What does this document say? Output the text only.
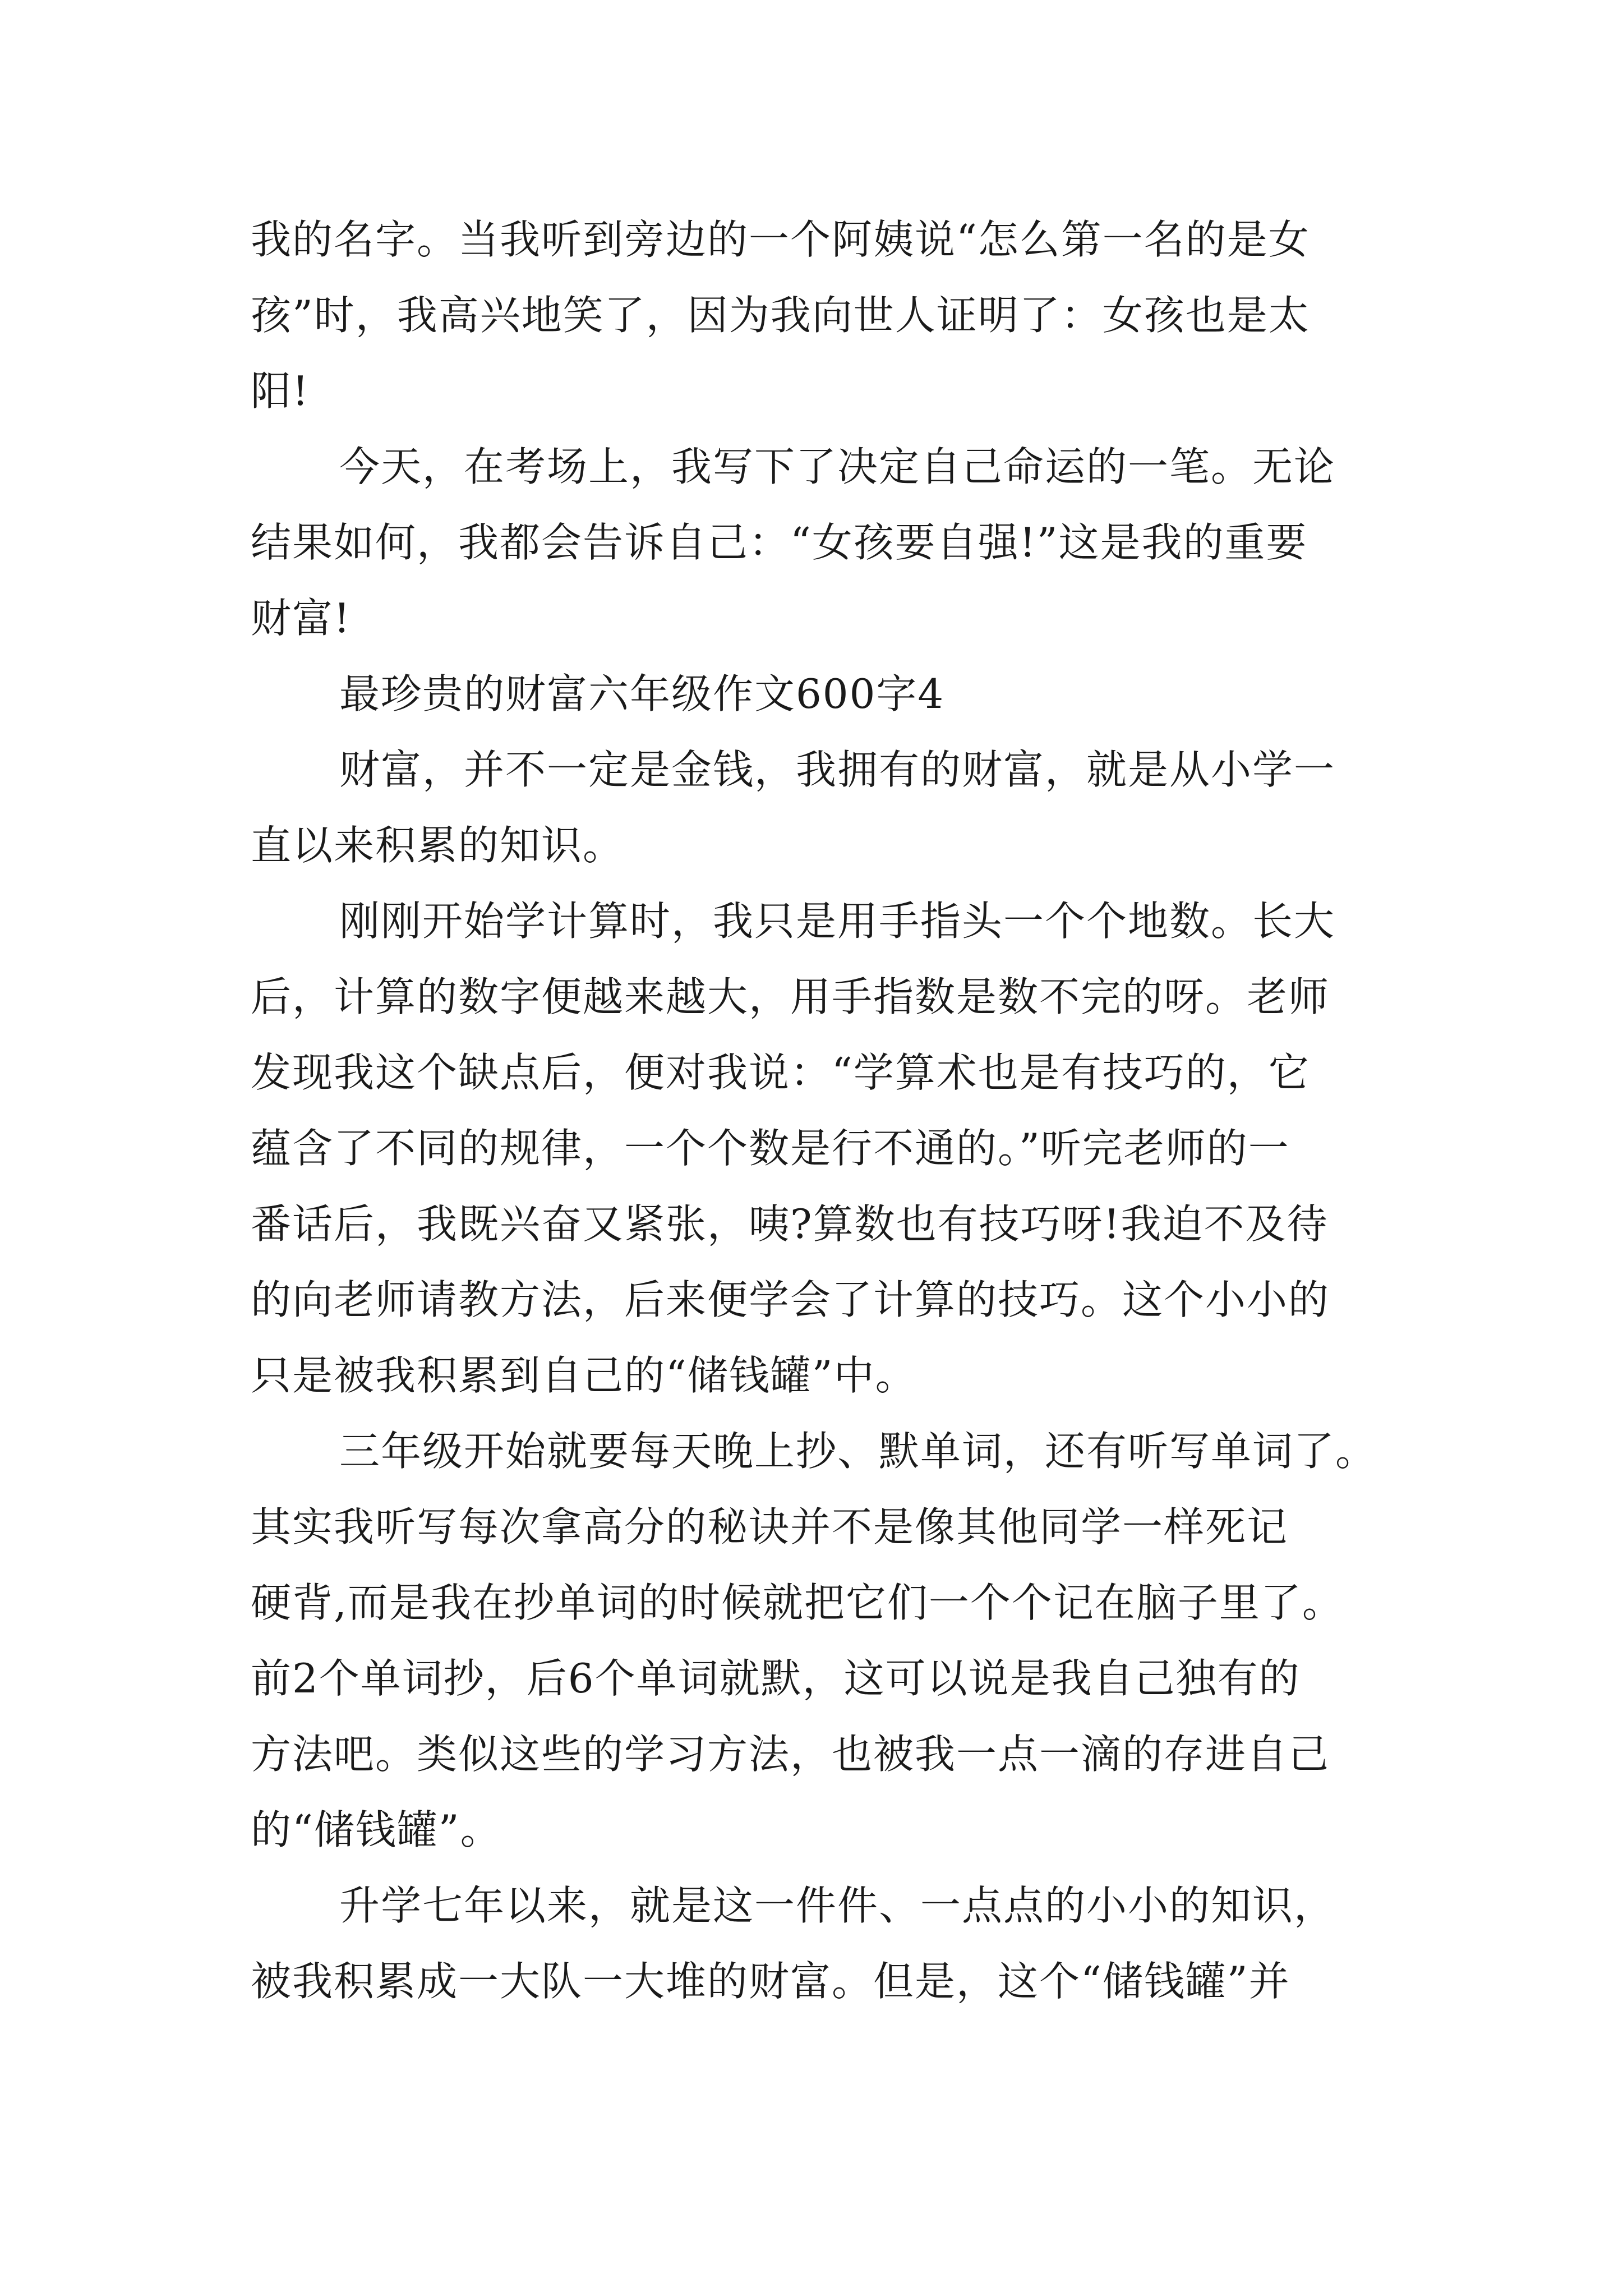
我的名字。当我听到旁边的一个阿姨说“怎么第一名的是女
孩”时，我高兴地笑了，因为我向世人证明了：女孩也是太
阳!
今天，在考场上，我写下了决定自己命运的一笔。无论
结果如何，我都会告诉自己：“女孩要自强!”这是我的重要
财富!
最珍贵的财富六年级作文600字4
财富，并不一定是金钱，我拥有的财富，就是从小学一
直以来积累的知识。
刚刚开始学计算时，我只是用手指头一个个地数。长大
后，计算的数字便越来越大，用手指数是数不完的呀。老师
发现我这个缺点后，便对我说：“学算术也是有技巧的，它
蕴含了不同的规律，一个个数是行不通的。”听完老师的一
番话后，我既兴奋又紧张，咦?算数也有技巧呀!我迫不及待
的向老师请教方法，后来便学会了计算的技巧。这个小小的
只是被我积累到自己的“储钱罐”中。
三年级开始就要每天晚上抄、默单词，还有听写单词了。
其实我听写每次拿高分的秘诀并不是像其他同学一样死记
硬背,而是我在抄单词的时候就把它们一个个记在脑子里了。
前2个单词抄，后6个单词就默，这可以说是我自己独有的
方法吧。类似这些的学习方法，也被我一点一滴的存进自己
的“储钱罐”。
升学七年以来，就是这一件件、一点点的小小的知识，
被我积累成一大队一大堆的财富。但是，这个“储钱罐”并
